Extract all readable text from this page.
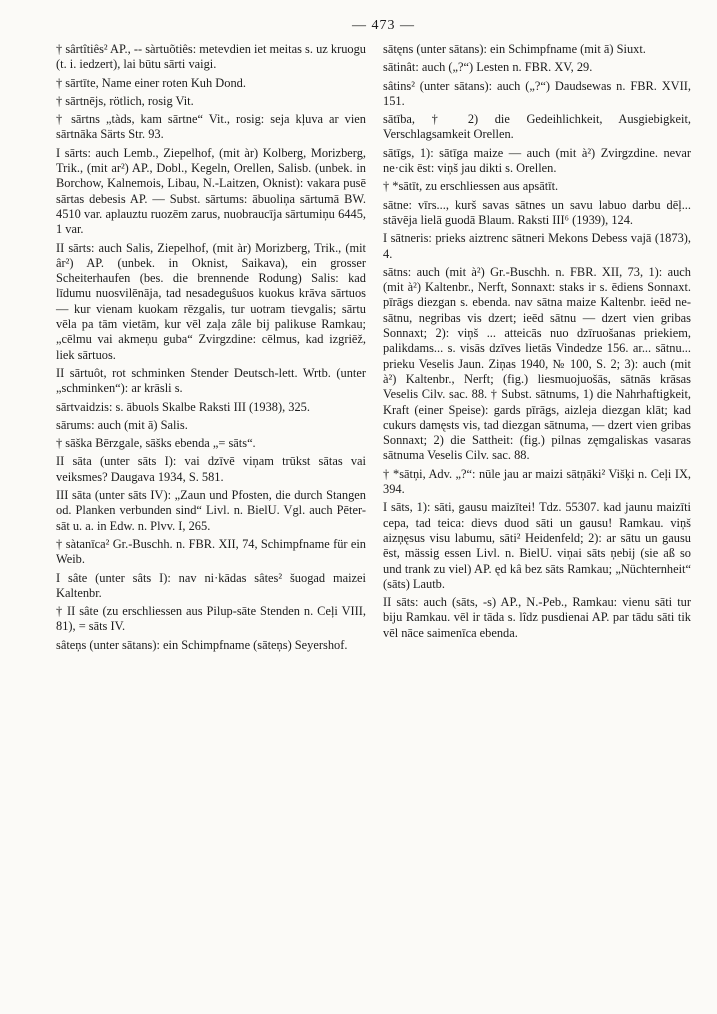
— 473 —

† sârtîtiês² AP., -- sàrtuõtiês: metevdien iet meitas s. uz kruogu (t. i. iedzert), lai būtu sārti vaigi.

† sārtīte, Name einer roten Kuh Dond.

† sārtnējs, rötlich, rosig Vit.

† sārtns „tàds, kam sārtne“ Vit., rosig: seja kļuva ar vien sārtnāka Särts Str. 93.

I sārts: auch Lemb., Ziepelhof, (mit àr) Kolberg, Morizberg, Trik., (mit ar²) AP., Dobl., Kegeln, Orellen, Salisb. (unbek. in Borchow, Kalnemois, Libau, N.-Laitzen, Oknist): vakara pusē sārtas debesis AP. — Subst. sārtums: ābuoliņa sārtumā BW. 4510 var. aplauztu ruozēm zarus, nuobraucīja sārtumiņu 6445, 1 var.

II sārts: auch Salis, Ziepelhof, (mit àr) Morizberg, Trik., (mit âr²) AP. (unbek. in Oknist, Saikava), ein grosser Scheiterhaufen (bes. die brennende Rodung) Salis: kad līdumu nuosvilēnāja, tad nesadeguŝuos kuokus krāva sārtuos — kur vienam kuokam rēzgalis, tur uotram tievgalis; sārtu vēla pa tām vietām, kur vēl zaļa zâle bij palikuse Ramkau; „cēlmu vai akmeņu guba“ Zvirgzdine: cēlmus, kad izgriēž, liek sārtuos.

II sārtuôt, rot schminken Stender Deutsch-lett. Wrtb. (unter „schminken“): ar krāsli s.

sārtvaidzis: s. ābuols Skalbe Raksti III (1938), 325.

sārums: auch (mit ā) Salis.

† sāška Bērzgale, sāšks ebenda „= sāts“.

II sāta (unter sāts I): vai dzīvē viņam trūkst sātas vai veiksmes? Daugava 1934, S. 581.

III sāta (unter sāts IV): „Zaun und Pfosten, die durch Stangen od. Planken verbunden sind“ Livl. n. BielU. Vgl. auch Pēter-sāt u. a. in Edw. n. Plvv. I, 265.

† sàtanīca² Gr.-Buschh. n. FBR. XII, 74, Schimpfname für ein Weib.

I sâte (unter sâts I): nav ni·kādas sâtes² šuogad maizei Kaltenbr.

† II sâte (zu erschliessen aus Pilup-sāte Stenden n. Ceļi VIII, 81), = sāts IV.

sâteņs (unter sātans): ein Schimpfname (sāteņs) Seyershof.

sātęns (unter sātans): ein Schimpfname (mit ā) Siuxt.

sātinât: auch („?“) Lesten n. FBR. XV, 29.

sâtins² (unter sātans): auch („?“) Daudsewas n. FBR. XVII, 151.

sātība, † 2) die Gedeihlichkeit, Ausgiebigkeit, Verschlagsamkeit Orellen.

sātīgs, 1): sātīga maize — auch (mit à²) Zvirgzdine. nevar ne·cik ēst: viņš jau dikti s. Orellen.

† *sātīt, zu erschliessen aus apsātīt.

sātne: vīrs..., kurš savas sātnes un savu labuo darbu dēļ... stāvēja lielā guodā Blaum. Raksti III⁶ (1939), 124.

I sātneris: prieks aiztrenc sātneri Mekons Debess vajā (1873), 4.

sātns: auch (mit à²) Gr.-Buschh. n. FBR. XII, 73, 1): auch (mit à²) Kaltenbr., Nerft, Sonnaxt: staks ir s. ēdiens Sonnaxt. pīrāgs diezgan s. ebenda. nav sātna maize Kaltenbr. ieēd ne-sātnu, negribas vis dzert; ieēd sātnu — dzert vien gribas Sonnaxt; 2): viņš ... atteicās nuo dzīruošanas priekiem, palikdams... s. visās dzīves lietās Vindedze 156. ar... sātnu... prieku Veselis Jaun. Ziņas 1940, № 100, S. 2; 3): auch (mit à²) Kaltenbr., Nerft; (fig.) liesmuojuošās, sātnās krāsas Veselis Cilv. sac. 88. † Subst. sātnums, 1) die Nahrhaftigkeit, Kraft (einer Speise): gards pīrāgs, aizleja diezgan klāt; kad cukurs damęsts vis, tad diezgan sātnuma, — dzert vien gribas Sonnaxt; 2) die Sattheit: (fig.) pilnas zęmgaliskas vasaras sātnuma Veselis Cilv. sac. 88.

† *sātņi, Adv. „?“: nūle jau ar maizi sātņāki² Višķi n. Ceļi IX, 394.

I sāts, 1): sāti, gausu maizītei! Tdz. 55307. kad jaunu maizīti cepa, tad teica: dievs duod sāti un gausu! Ramkau. viņš aizņęsus visu labumu, sāti² Heidenfeld; 2): ar sātu un gausu ēst, mässig essen Livl. n. BielU. viņai sāts ņebij (sie aß so und trank zu viel) AP. ęd kâ bez sāts Ramkau; „Nüchternheit“ (sāts) Lautb.

II sāts: auch (sāts, -s) AP., N.-Peb., Ramkau: vienu sāti tur biju Ramkau. vēl ir tāda s. lîdz pusdienai AP. par tādu sāti tik vēl nāce saimenīca ebenda.
